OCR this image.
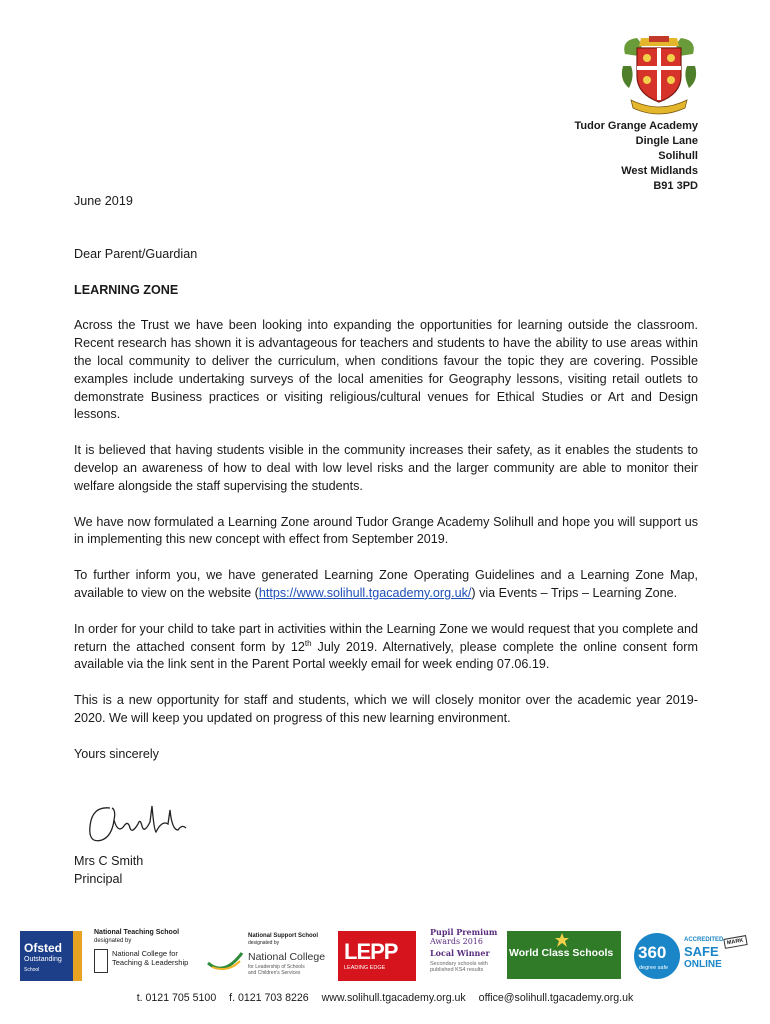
Tudor Grange Academy
Dingle Lane
Solihull
West Midlands
B91 3PD

June 2019

Dear Parent/Guardian

LEARNING ZONE

Across the Trust we have been looking into expanding the opportunities for learning outside the classroom. Recent research has shown it is advantageous for teachers and students to have the ability to use areas within the local community to deliver the curriculum, when conditions favour the topic they are covering. Possible examples include undertaking surveys of the local amenities for Geography lessons, visiting retail outlets to demonstrate Business practices or visiting religious/cultural venues for Ethical Studies or Art and Design lessons.

It is believed that having students visible in the community increases their safety, as it enables the students to develop an awareness of how to deal with low level risks and the larger community are able to monitor their welfare alongside the staff supervising the students.

We have now formulated a Learning Zone around Tudor Grange Academy Solihull and hope you will support us in implementing this new concept with effect from September 2019.

To further inform you, we have generated Learning Zone Operating Guidelines and a Learning Zone Map, available to view on the website (https://www.solihull.tgacademy.org.uk/) via Events – Trips – Learning Zone.

In order for your child to take part in activities within the Learning Zone we would request that you complete and return the attached consent form by 12th July 2019. Alternatively, please complete the online consent form available via the link sent in the Parent Portal weekly email for week ending 07.06.19.

This is a new opportunity for staff and students, which we will closely monitor over the academic year 2019-2020. We will keep you updated on progress of this new learning environment.

Yours sincerely

Mrs C Smith
Principal
Ofsted
Outstanding
School
National Teaching School
designated by
National College for
Teaching & Leadership
National Support School
designated by
National College
for Leadership of Schools
and Children's Services
LEPP
LEADING EDGE
Pupil Premium
Awards 2016
Local Winner
Secondary schools with
published KS4 results
World Class Schools 360
degree safe
ACCREDITED
SAFE
ONLINE
MARK
t. 0121 705 5100 f. 0121 703 8226 www.solihull.tgacademy.org.uk office@solihull.tgacademy.org.uk
